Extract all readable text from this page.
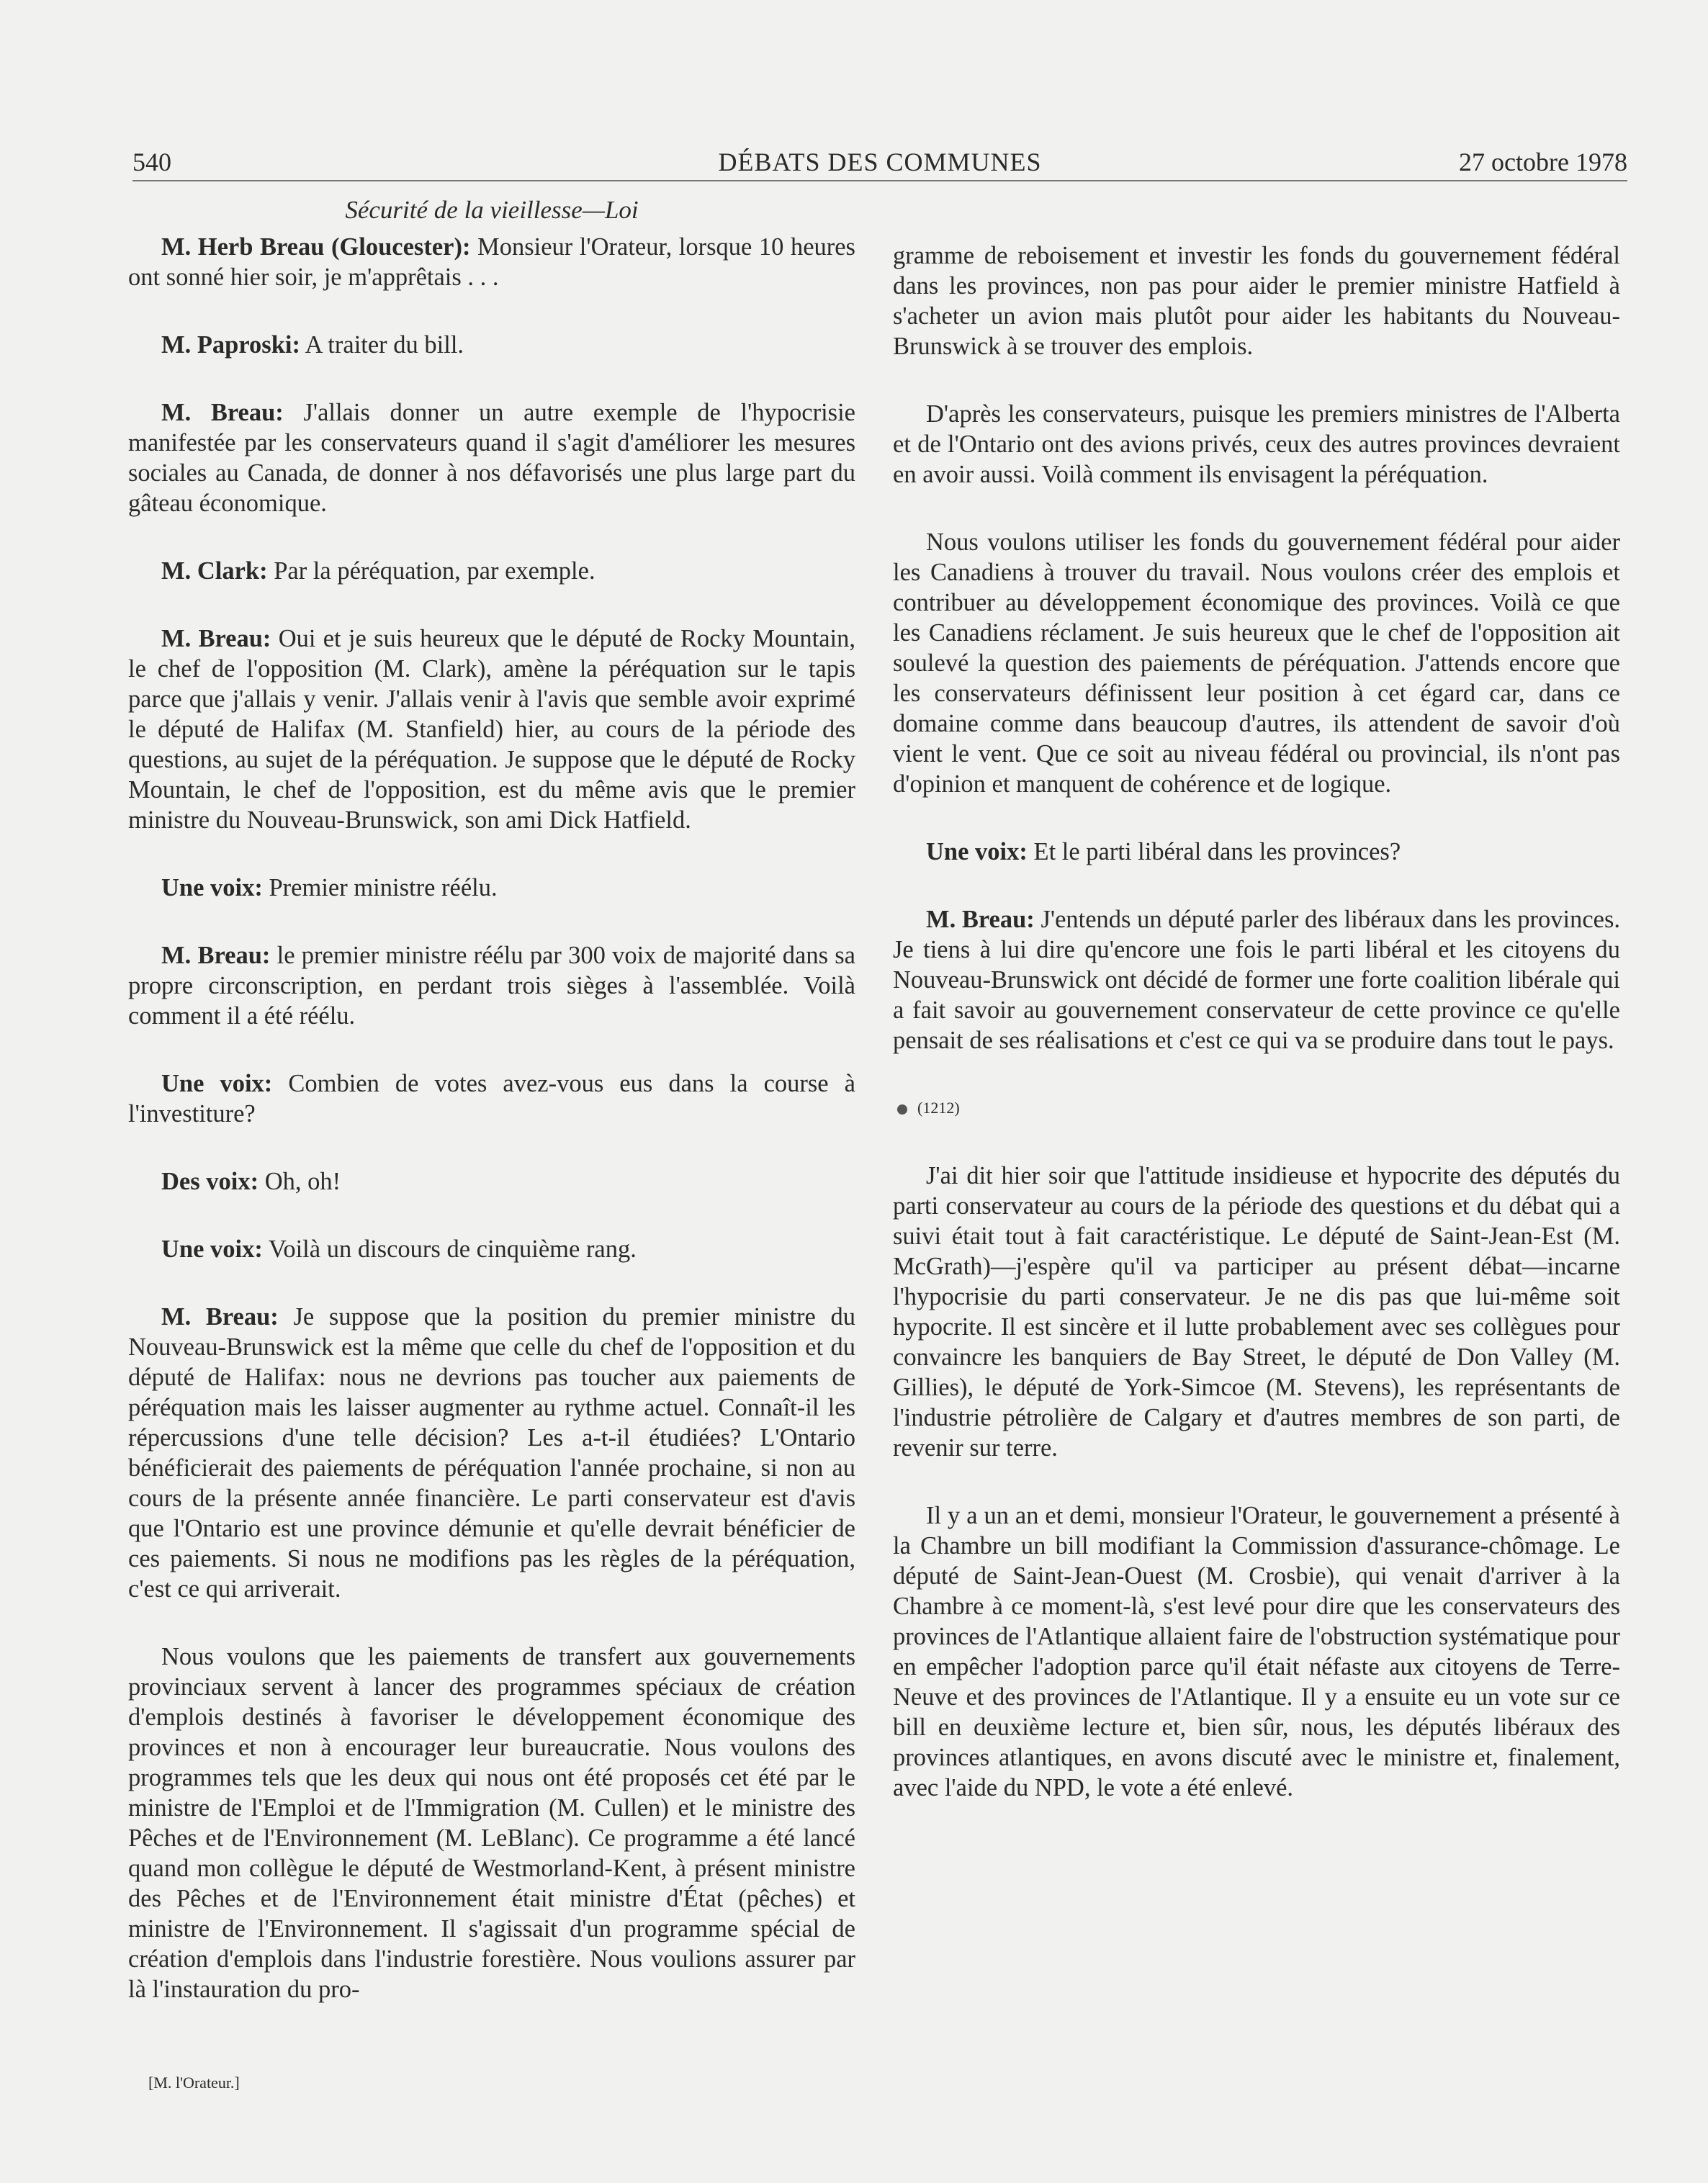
540	DÉBATS DES COMMUNES	27 octobre 1978
Sécurité de la vieillesse—Loi

M. Herb Breau (Gloucester): Monsieur l'Orateur, lorsque 10 heures ont sonné hier soir, je m'apprêtais . . .

M. Paproski: A traiter du bill.

M. Breau: J'allais donner un autre exemple de l'hypocrisie manifestée par les conservateurs quand il s'agit d'améliorer les mesures sociales au Canada, de donner à nos défavorisés une plus large part du gâteau économique.

M. Clark: Par la péréquation, par exemple.

M. Breau: Oui et je suis heureux que le député de Rocky Mountain, le chef de l'opposition (M. Clark), amène la péréquation sur le tapis parce que j'allais y venir. J'allais venir à l'avis que semble avoir exprimé le député de Halifax (M. Stanfield) hier, au cours de la période des questions, au sujet de la péréquation. Je suppose que le député de Rocky Mountain, le chef de l'opposition, est du même avis que le premier ministre du Nouveau-Brunswick, son ami Dick Hatfield.

Une voix: Premier ministre réélu.

M. Breau: le premier ministre réélu par 300 voix de majorité dans sa propre circonscription, en perdant trois sièges à l'assemblée. Voilà comment il a été réélu.

Une voix: Combien de votes avez-vous eus dans la course à l'investiture?

Des voix: Oh, oh!

Une voix: Voilà un discours de cinquième rang.

M. Breau: Je suppose que la position du premier ministre du Nouveau-Brunswick est la même que celle du chef de l'opposition et du député de Halifax: nous ne devrions pas toucher aux paiements de péréquation mais les laisser augmenter au rythme actuel. Connaît-il les répercussions d'une telle décision? Les a-t-il étudiées? L'Ontario bénéficierait des paiements de péréquation l'année prochaine, si non au cours de la présente année financière. Le parti conservateur est d'avis que l'Ontario est une province démunie et qu'elle devrait bénéficier de ces paiements. Si nous ne modifions pas les règles de la péréquation, c'est ce qui arriverait.

Nous voulons que les paiements de transfert aux gouvernements provinciaux servent à lancer des programmes spéciaux de création d'emplois destinés à favoriser le développement économique des provinces et non à encourager leur bureaucratie. Nous voulons des programmes tels que les deux qui nous ont été proposés cet été par le ministre de l'Emploi et de l'Immigration (M. Cullen) et le ministre des Pêches et de l'Environnement (M. LeBlanc). Ce programme a été lancé quand mon collègue le député de Westmorland-Kent, à présent ministre des Pêches et de l'Environnement était ministre d'État (pêches) et ministre de l'Environnement. Il s'agissait d'un programme spécial de création d'emplois dans l'industrie forestière. Nous voulions assurer par là l'instauration du pro-

gramme de reboisement et investir les fonds du gouvernement fédéral dans les provinces, non pas pour aider le premier ministre Hatfield à s'acheter un avion mais plutôt pour aider les habitants du Nouveau-Brunswick à se trouver des emplois.

D'après les conservateurs, puisque les premiers ministres de l'Alberta et de l'Ontario ont des avions privés, ceux des autres provinces devraient en avoir aussi. Voilà comment ils envisagent la péréquation.

Nous voulons utiliser les fonds du gouvernement fédéral pour aider les Canadiens à trouver du travail. Nous voulons créer des emplois et contribuer au développement économique des provinces. Voilà ce que les Canadiens réclament. Je suis heureux que le chef de l'opposition ait soulevé la question des paiements de péréquation. J'attends encore que les conservateurs définissent leur position à cet égard car, dans ce domaine comme dans beaucoup d'autres, ils attendent de savoir d'où vient le vent. Que ce soit au niveau fédéral ou provincial, ils n'ont pas d'opinion et manquent de cohérence et de logique.

Une voix: Et le parti libéral dans les provinces?

M. Breau: J'entends un député parler des libéraux dans les provinces. Je tiens à lui dire qu'encore une fois le parti libéral et les citoyens du Nouveau-Brunswick ont décidé de former une forte coalition libérale qui a fait savoir au gouvernement conservateur de cette province ce qu'elle pensait de ses réalisations et c'est ce qui va se produire dans tout le pays.

(1212)

J'ai dit hier soir que l'attitude insidieuse et hypocrite des députés du parti conservateur au cours de la période des questions et du débat qui a suivi était tout à fait caractéristique. Le député de Saint-Jean-Est (M. McGrath)—j'espère qu'il va participer au présent débat—incarne l'hypocrisie du parti conservateur. Je ne dis pas que lui-même soit hypocrite. Il est sincère et il lutte probablement avec ses collègues pour convaincre les banquiers de Bay Street, le député de Don Valley (M. Gillies), le député de York-Simcoe (M. Stevens), les représentants de l'industrie pétrolière de Calgary et d'autres membres de son parti, de revenir sur terre.

Il y a un an et demi, monsieur l'Orateur, le gouvernement a présenté à la Chambre un bill modifiant la Commission d'assurance-chômage. Le député de Saint-Jean-Ouest (M. Crosbie), qui venait d'arriver à la Chambre à ce moment-là, s'est levé pour dire que les conservateurs des provinces de l'Atlantique allaient faire de l'obstruction systématique pour en empêcher l'adoption parce qu'il était néfaste aux citoyens de Terre-Neuve et des provinces de l'Atlantique. Il y a ensuite eu un vote sur ce bill en deuxième lecture et, bien sûr, nous, les députés libéraux des provinces atlantiques, en avons discuté avec le ministre et, finalement, avec l'aide du NPD, le vote a été enlevé.

[M. l'Orateur.]
